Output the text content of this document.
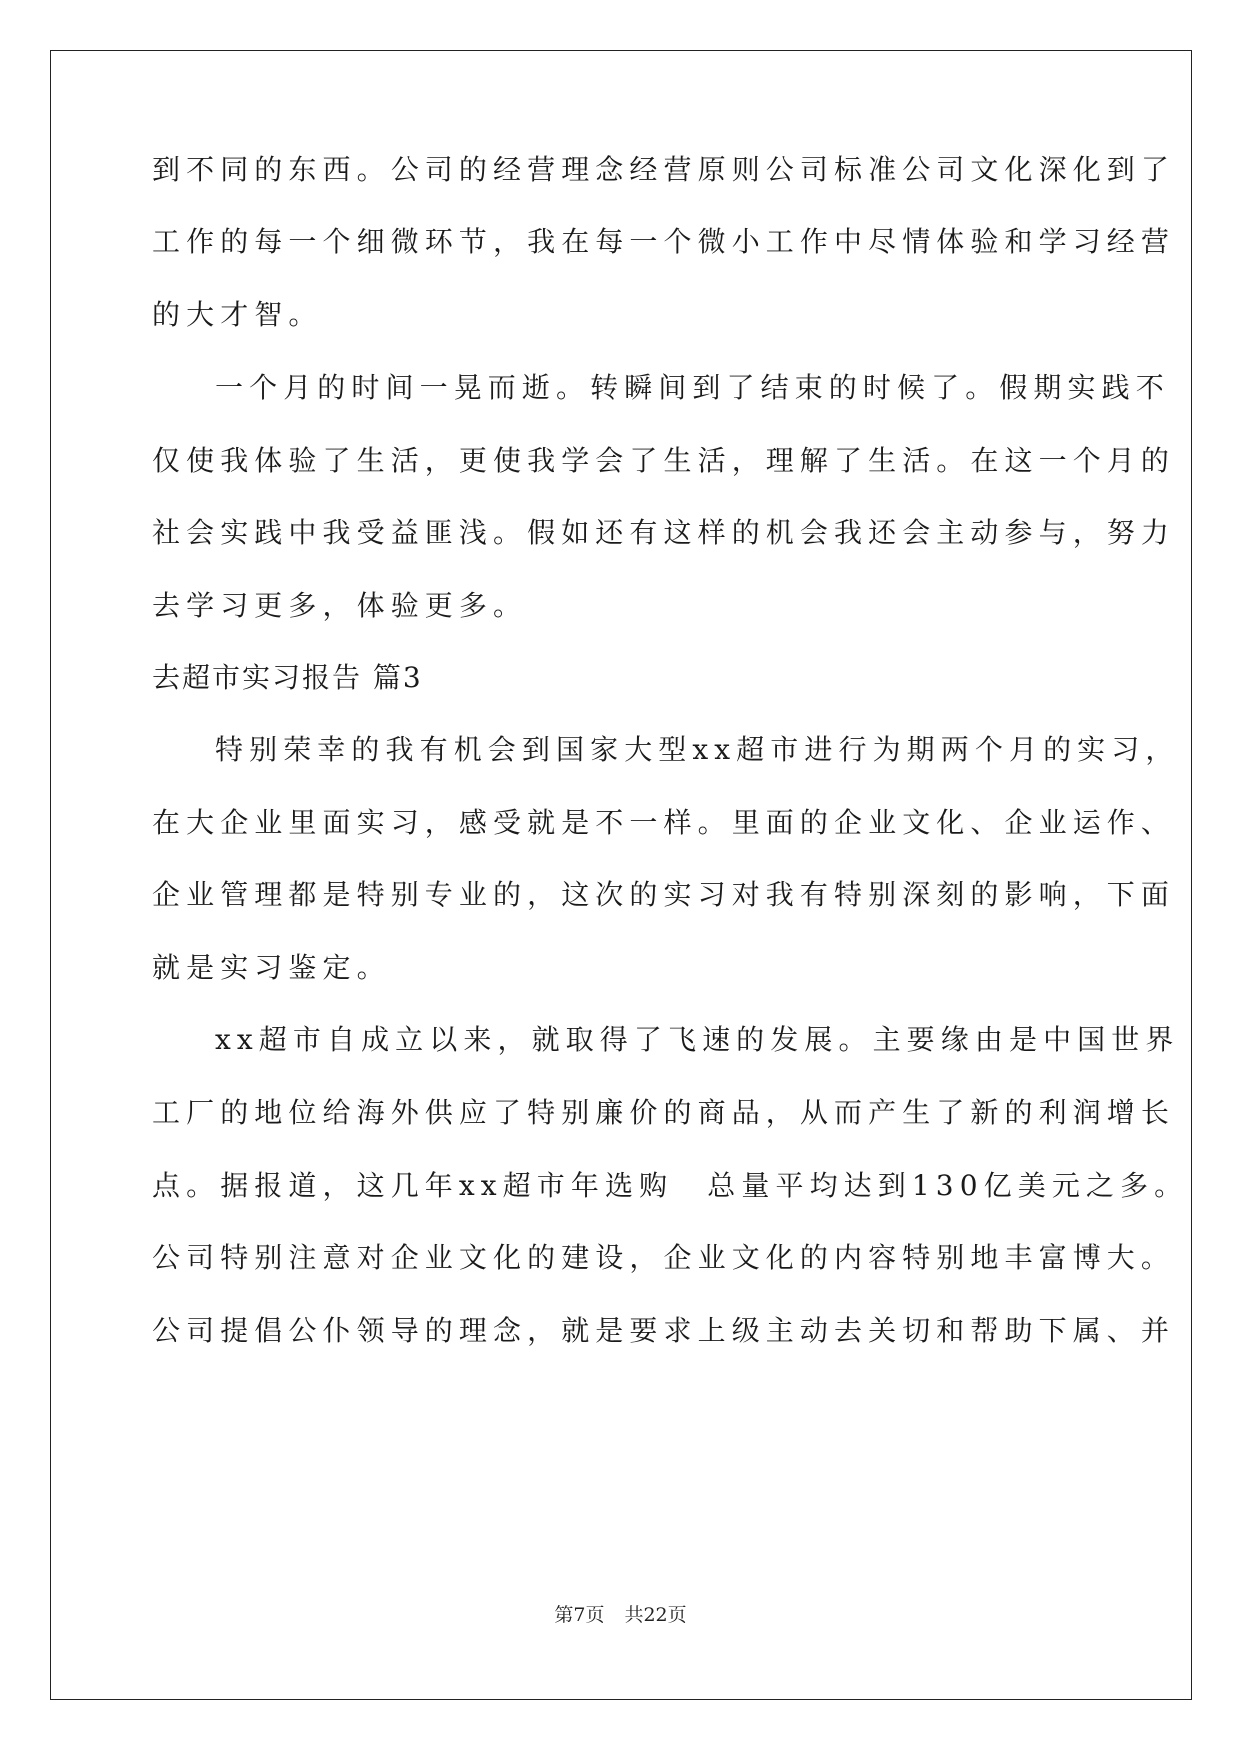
到不同的东西。公司的经营理念经营原则公司标准公司文化深化到了
工作的每一个细微环节，我在每一个微小工作中尽情体验和学习经营
的大才智。
一个月的时间一晃而逝。转瞬间到了结束的时候了。假期实践不
仅使我体验了生活，更使我学会了生活，理解了生活。在这一个月的
社会实践中我受益匪浅。假如还有这样的机会我还会主动参与，努力
去学习更多，体验更多。
去超市实习报告 篇3
特别荣幸的我有机会到国家大型xx超市进行为期两个月的实习，
在大企业里面实习，感受就是不一样。里面的企业文化、企业运作、
企业管理都是特别专业的，这次的实习对我有特别深刻的影响，下面
就是实习鉴定。
xx超市自成立以来，就取得了飞速的发展。主要缘由是中国世界
工厂的地位给海外供应了特别廉价的商品，从而产生了新的利润增长
点。据报道，这几年xx超市年选购　总量平均达到130亿美元之多。
公司特别注意对企业文化的建设，企业文化的内容特别地丰富博大。
公司提倡公仆领导的理念，就是要求上级主动去关切和帮助下属、并
第7页 共22页
